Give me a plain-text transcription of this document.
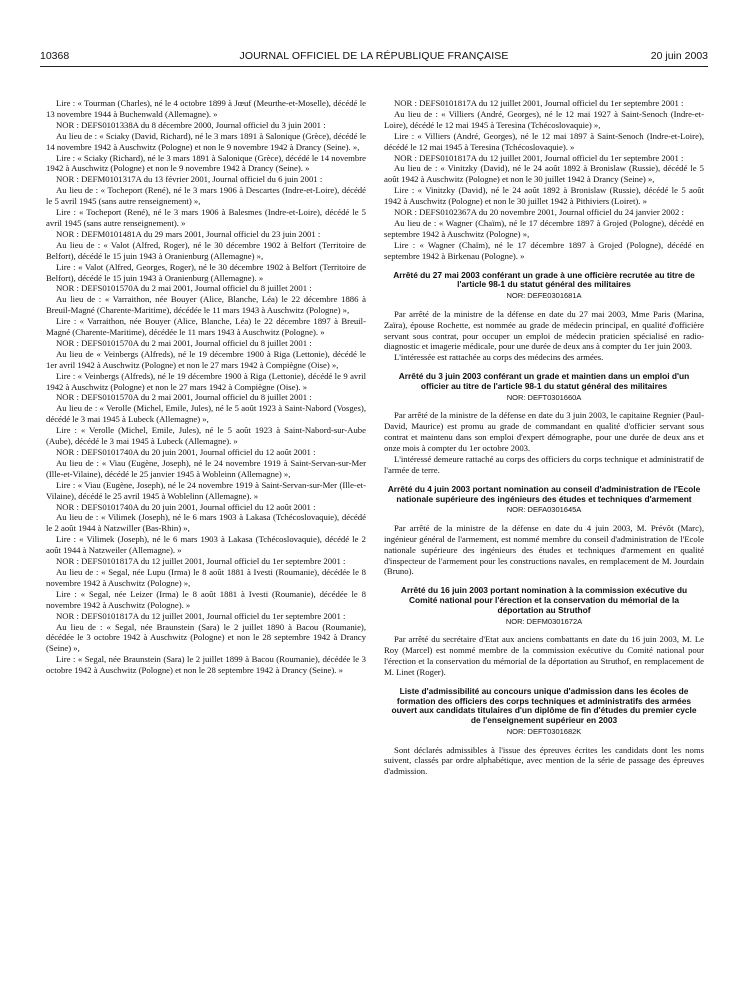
10368	JOURNAL OFFICIEL DE LA RÉPUBLIQUE FRANÇAISE	20 juin 2003

Lire : « Tourman (Charles), né le 4 octobre 1899 à Jœuf (Meurthe-et-Moselle), décédé le 13 novembre 1944 à Buchenwald (Allemagne). »

NOR : DEFS0101338A du 8 décembre 2000, Journal officiel du 3 juin 2001 :

Au lieu de : « Sciaky (David, Richard), né le 3 mars 1891 à Salonique (Grèce), décédé le 14 novembre 1942 à Auschwitz (Pologne) et non le 9 novembre 1942 à Drancy (Seine). »,

Lire : « Sciaky (Richard), né le 3 mars 1891 à Salonique (Grèce), décédé le 14 novembre 1942 à Auschwitz (Pologne) et non le 9 novembre 1942 à Drancy (Seine). »

NOR : DEFM0101317A du 13 février 2001, Journal officiel du 6 juin 2001 :

Au lieu de : « Tocheport (René), né le 3 mars 1906 à Descartes (Indre-et-Loire), décédé le 5 avril 1945 (sans autre renseignement) »,

Lire : « Tocheport (René), né le 3 mars 1906 à Balesmes (Indre-et-Loire), décédé le 5 avril 1945 (sans autre renseignement). »

NOR : DEFM0101481A du 29 mars 2001, Journal officiel du 23 juin 2001 :

Au lieu de : « Valot (Alfred, Roger), né le 30 décembre 1902 à Belfort (Territoire de Belfort), décédé le 15 juin 1943 à Oranienburg (Allemagne) »,

Lire : « Valot (Alfred, Georges, Roger), né le 30 décembre 1902 à Belfort (Territoire de Belfort), décédé le 15 juin 1943 à Oranienburg (Allemagne). »

NOR : DEFS0101570A du 2 mai 2001, Journal officiel du 8 juillet 2001 :

Au lieu de : « Varraithon, née Bouyer (Alice, Blanche, Léa) le 22 décembre 1886 à Breuil-Magné (Charente-Maritime), décédée le 11 mars 1943 à Auschwitz (Pologne) »,

Lire : « Varraithon, née Bouyer (Alice, Blanche, Léa) le 22 décembre 1897 à Breuil-Magné (Charente-Maritime), décédée le 11 mars 1943 à Auschwitz (Pologne). »

NOR : DEFS0101570A du 2 mai 2001, Journal officiel du 8 juillet 2001 :

Au lieu de « Veinbergs (Alfreds), né le 19 décembre 1900 à Riga (Lettonie), décédé le 1er avril 1942 à Auschwitz (Pologne) et non le 27 mars 1942 à Compiègne (Oise) »,

Lire : « Veinbergs (Alfreds), né le 19 décembre 1900 à Riga (Lettonie), décédé le 9 avril 1942 à Auschwitz (Pologne) et non le 27 mars 1942 à Compiègne (Oise). »

NOR : DEFS0101570A du 2 mai 2001, Journal officiel du 8 juillet 2001 :

Au lieu de : « Verolle (Michel, Emile, Jules), né le 5 août 1923 à Saint-Nabord (Vosges), décédé le 3 mai 1945 à Lubeck (Allemagne) »,

Lire : « Verolle (Michel, Emile, Jules), né le 5 août 1923 à Saint-Nabord-sur-Aube (Aube), décédé le 3 mai 1945 à Lubeck (Allemagne). »

NOR : DEFS0101740A du 20 juin 2001, Journal officiel du 12 août 2001 :

Au lieu de : « Viau (Eugène, Joseph), né le 24 novembre 1919 à Saint-Servan-sur-Mer (Ille-et-Vilaine), décédé le 25 janvier 1945 à Wobleinn (Allemagne) »,

Lire : « Viau (Eugène, Joseph), né le 24 novembre 1919 à Saint-Servan-sur-Mer (Ille-et-Vilaine), décédé le 25 avril 1945 à Woblelinn (Allemagne). »

NOR : DEFS0101740A du 20 juin 2001, Journal officiel du 12 août 2001 :

Au lieu de : « Vilimek (Joseph), né le 6 mars 1903 à Lakasa (Tchécoslovaquie), décédé le 2 août 1944 à Natzwiller (Bas-Rhin) »,

Lire : « Vilimek (Joseph), né le 6 mars 1903 à Lakasa (Tchécoslovaquie), décédé le 2 août 1944 à Natzweiler (Allemagne). »

NOR : DEFS0101817A du 12 juillet 2001, Journal officiel du 1er septembre 2001 :

Au lieu de : « Segal, née Lupu (Irma) le 8 août 1881 à Ivesti (Roumanie), décédée le 8 novembre 1942 à Auschwitz (Pologne) »,

Lire : « Segal, née Leizer (Irma) le 8 août 1881 à Ivesti (Roumanie), décédée le 8 novembre 1942 à Auschwitz (Pologne). »

NOR : DEFS0101817A du 12 juillet 2001, Journal officiel du 1er septembre 2001 :

Au lieu de : « Segal, née Braunstein (Sara) le 2 juillet 1890 à Bacou (Roumanie), décédée le 3 octobre 1942 à Auschwitz (Pologne) et non le 28 septembre 1942 à Drancy (Seine) »,

Lire : « Segal, née Braunstein (Sara) le 2 juillet 1899 à Bacou (Roumanie), décédée le 3 octobre 1942 à Auschwitz (Pologne) et non le 28 septembre 1942 à Drancy (Seine). »

NOR : DEFS0101817A du 12 juillet 2001, Journal officiel du 1er septembre 2001 :

Au lieu de : « Villiers (André, Georges), né le 12 mai 1927 à Saint-Senoch (Indre-et-Loire), décédé le 12 mai 1945 à Teresina (Tchécoslovaquie) »,

Lire : « Villiers (André, Georges), né le 12 mai 1897 à Saint-Senoch (Indre-et-Loire), décédé le 12 mai 1945 à Teresina (Tchécoslovaquie). »

NOR : DEFS0101817A du 12 juillet 2001, Journal officiel du 1er septembre 2001 :

Au lieu de : « Vinitzky (David), né le 24 août 1892 à Bronislaw (Russie), décédé le 5 août 1942 à Auschwitz (Pologne) et non le 30 juillet 1942 à Drancy (Seine) »,

Lire : « Vinitzky (David), né le 24 août 1892 à Bronislaw (Russie), décédé le 5 août 1942 à Auschwitz (Pologne) et non le 30 juillet 1942 à Pithiviers (Loiret). »

NOR : DEFS0102367A du 20 novembre 2001, Journal officiel du 24 janvier 2002 :

Au lieu de : « Wagner (Chaïm), né le 17 décembre 1897 à Grojed (Pologne), décédé en septembre 1942 à Auschwitz (Pologne) »,

Lire : « Wagner (Chaïm), né le 17 décembre 1897 à Grojed (Pologne), décédé en septembre 1942 à Birkenau (Pologne). »

Arrêté du 27 mai 2003 conférant un grade à une officière recrutée au titre de l'article 98-1 du statut général des militaires
NOR: DEFE0301681A

Par arrêté de la ministre de la défense en date du 27 mai 2003, Mme Paris (Marina, Zaïra), épouse Rochette, est nommée au grade de médecin principal, en qualité d'officière servant sous contrat, pour occuper un emploi de médecin praticien spécialisé en radio-diagnostic et imagerie médicale, pour une durée de deux ans à compter du 1er juin 2003.

L'intéressée est rattachée au corps des médecins des armées.

Arrêté du 3 juin 2003 conférant un grade et maintien dans un emploi d'un officier au titre de l'article 98-1 du statut général des militaires
NOR: DEFT0301660A

Par arrêté de la ministre de la défense en date du 3 juin 2003, le capitaine Regnier (Paul-David, Maurice) est promu au grade de commandant en qualité d'officier servant sous contrat et maintenu dans son emploi d'expert démographe, pour une durée de deux ans et onze mois à compter du 1er octobre 2003.

L'intéressé demeure rattaché au corps des officiers du corps technique et administratif de l'armée de terre.

Arrêté du 4 juin 2003 portant nomination au conseil d'administration de l'Ecole nationale supérieure des ingénieurs des études et techniques d'armement
NOR: DEFA0301645A

Par arrêté de la ministre de la défense en date du 4 juin 2003, M. Prévôt (Marc), ingénieur général de l'armement, est nommé membre du conseil d'administration de l'Ecole nationale supérieure des ingénieurs des études et techniques d'armement en qualité d'inspecteur de l'armement pour les constructions navales, en remplacement de M. Jourdain (Bruno).

Arrêté du 16 juin 2003 portant nomination à la commission exécutive du Comité national pour l'érection et la conservation du mémorial de la déportation au Struthof
NOR: DEFM0301672A

Par arrêté du secrétaire d'Etat aux anciens combattants en date du 16 juin 2003, M. Le Roy (Marcel) est nommé membre de la commission exécutive du Comité national pour l'érection et la conservation du mémorial de la déportation au Struthof, en remplacement de M. Linet (Roger).

Liste d'admissibilité au concours unique d'admission dans les écoles de formation des officiers des corps techniques et administratifs des armées ouvert aux candidats titulaires d'un diplôme de fin d'études du premier cycle de l'enseignement supérieur en 2003
NOR: DEFT0301682K

Sont déclarés admissibles à l'issue des épreuves écrites les candidats dont les noms suivent, classés par ordre alphabétique, avec mention de la série de passage des épreuves d'admission.
